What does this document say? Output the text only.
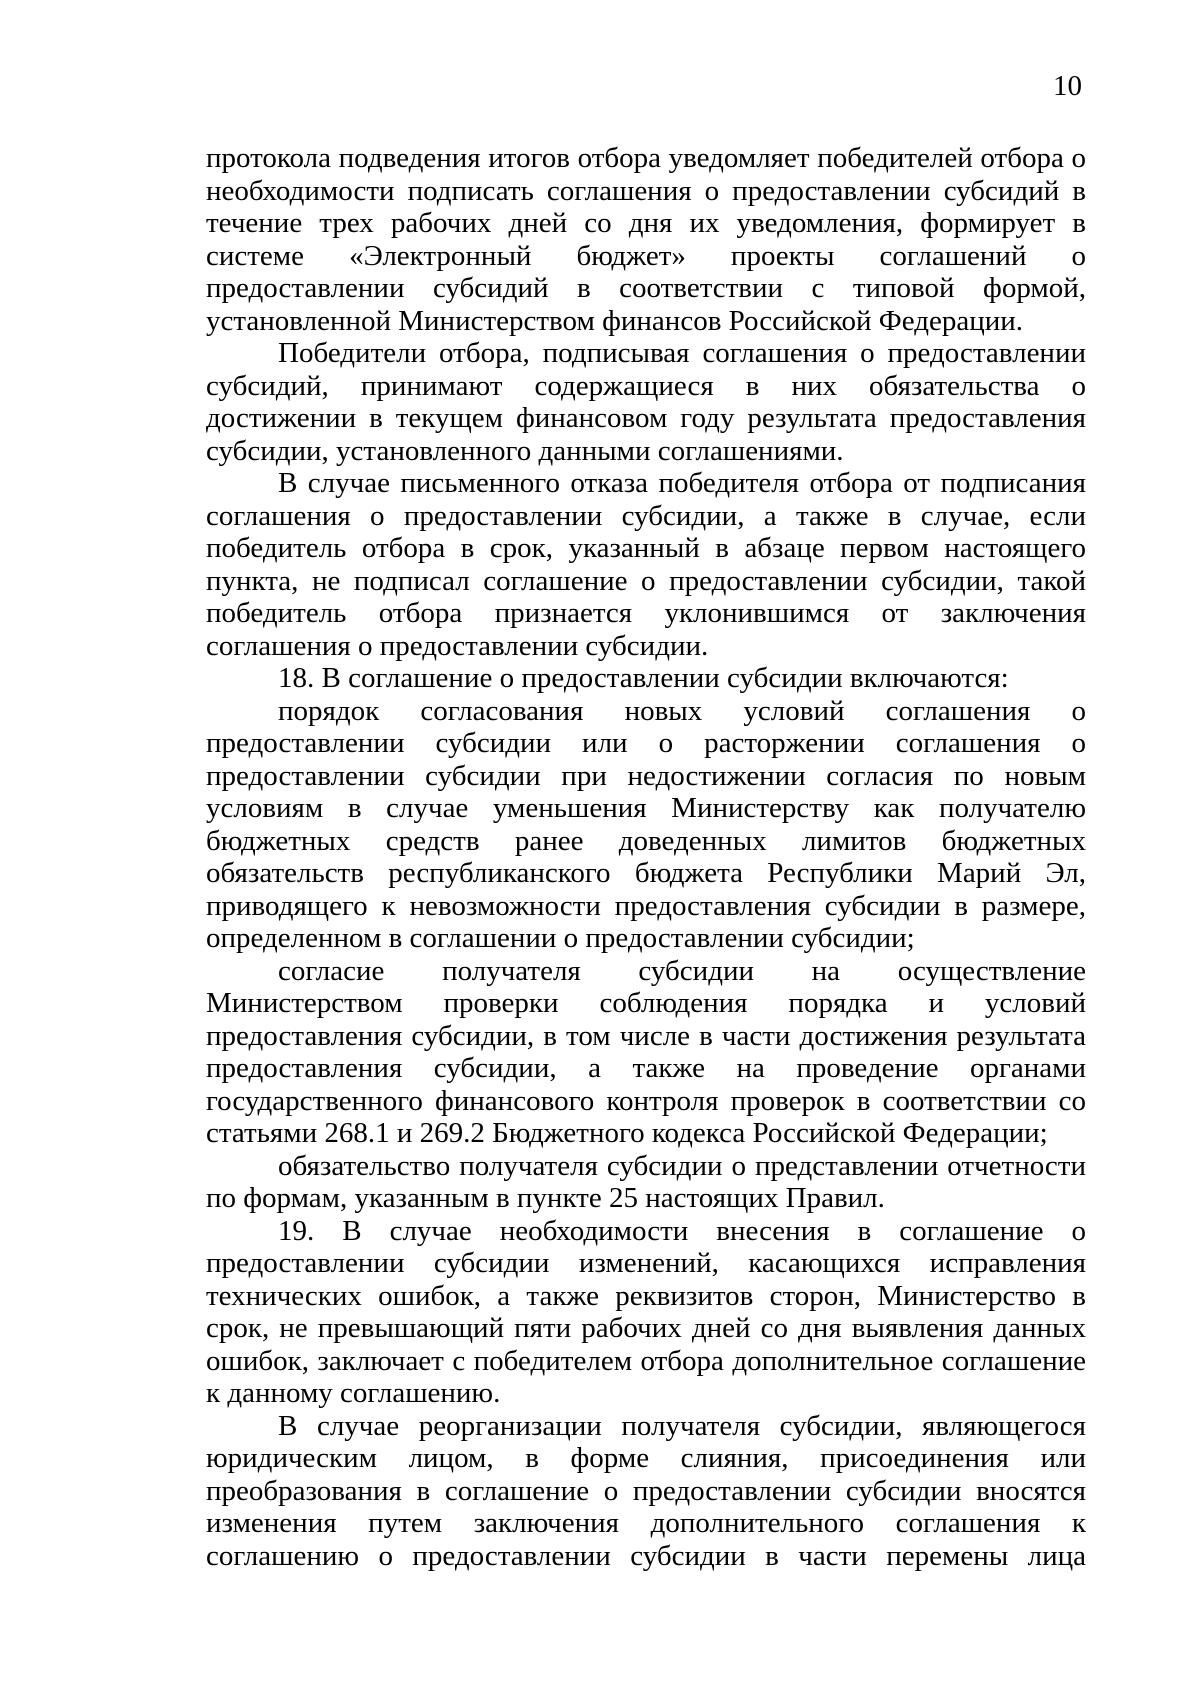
10

протокола подведения итогов отбора уведомляет победителей отбора о необходимости подписать соглашения о предоставлении субсидий в течение трех рабочих дней со дня их уведомления, формирует в системе «Электронный бюджет» проекты соглашений о предоставлении субсидий в соответствии с типовой формой, установленной Министерством финансов Российской Федерации.

Победители отбора, подписывая соглашения о предоставлении субсидий, принимают содержащиеся в них обязательства о достижении в текущем финансовом году результата предоставления субсидии, установленного данными соглашениями.

В случае письменного отказа победителя отбора от подписания соглашения о предоставлении субсидии, а также в случае, если победитель отбора в срок, указанный в абзаце первом настоящего пункта, не подписал соглашение о предоставлении субсидии, такой победитель отбора признается уклонившимся от заключения соглашения о предоставлении субсидии.

18. В соглашение о предоставлении субсидии включаются:

порядок согласования новых условий соглашения о предоставлении субсидии или о расторжении соглашения о предоставлении субсидии при недостижении согласия по новым условиям в случае уменьшения Министерству как получателю бюджетных средств ранее доведенных лимитов бюджетных обязательств республиканского бюджета Республики Марий Эл, приводящего к невозможности предоставления субсидии в размере, определенном в соглашении о предоставлении субсидии;

согласие получателя субсидии на осуществление Министерством проверки соблюдения порядка и условий предоставления субсидии, в том числе в части достижения результата предоставления субсидии, а также на проведение органами государственного финансового контроля проверок в соответствии со статьями 268.1 и 269.2 Бюджетного кодекса Российской Федерации;

обязательство получателя субсидии о представлении отчетности по формам, указанным в пункте 25 настоящих Правил.

19. В случае необходимости внесения в соглашение о предоставлении субсидии изменений, касающихся исправления технических ошибок, а также реквизитов сторон, Министерство в срок, не превышающий пяти рабочих дней со дня выявления данных ошибок, заключает с победителем отбора дополнительное соглашение к данному соглашению.

В случае реорганизации получателя субсидии, являющегося юридическим лицом, в форме слияния, присоединения или преобразования в соглашение о предоставлении субсидии вносятся изменения путем заключения дополнительного соглашения к соглашению о предоставлении субсидии в части перемены лица
